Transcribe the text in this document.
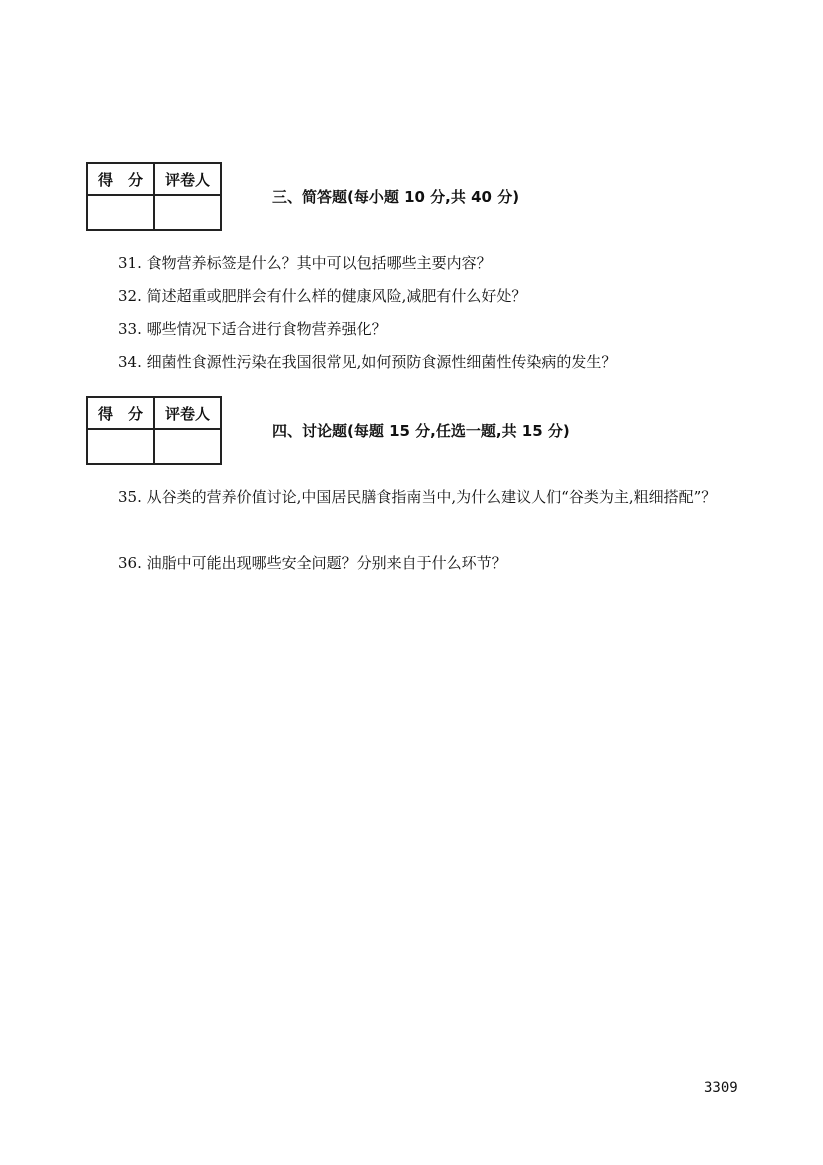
得　分	评卷人

三、简答题(每小题 10 分,共 40 分)
31. 食物营养标签是什么？其中可以包括哪些主要内容？
32. 简述超重或肥胖会有什么样的健康风险,减肥有什么好处？
33. 哪些情况下适合进行食物营养强化？
34. 细菌性食源性污染在我国很常见,如何预防食源性细菌性传染病的发生？
得　分	评卷人

四、讨论题(每题 15 分,任选一题,共 15 分)
35. 从谷类的营养价值讨论,中国居民膳食指南当中,为什么建议人们“谷类为主,粗细搭配”？
36. 油脂中可能出现哪些安全问题？分别来自于什么环节？
3309
